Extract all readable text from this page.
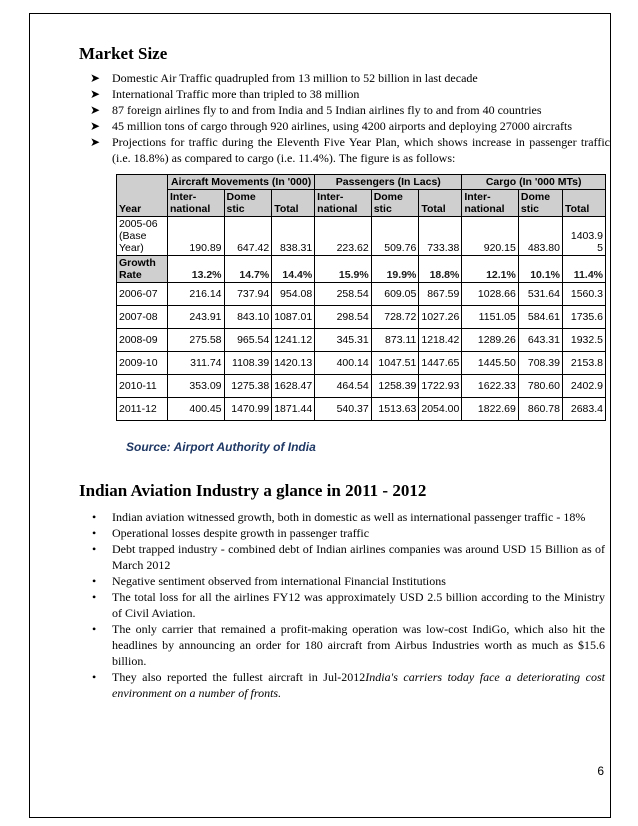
Market Size
➤ Domestic Air Traffic quadrupled from 13 million to 52 billion in last decade
➤ International Traffic more than tripled to 38 million
➤ 87 foreign airlines fly to and from India and 5 Indian airlines fly to and from 40 countries
➤ 45 million tons of cargo through 920 airlines, using 4200 airports and deploying 27000 aircrafts
➤ Projections for traffic during the Eleventh Five Year Plan, which shows increase in passenger traffic (i.e. 18.8%) as compared to cargo (i.e. 11.4%). The figure is as follows:
Year	Aircraft Movements (In '000)			Passengers (In Lacs)			Cargo (In '000 MTs)		
	Inter- national	Dome stic	Total	Inter- national	Dome stic	Total	Inter- national	Dome stic	Total
2005-06 (Base Year)	190.89	647.42	838.31	223.62	509.76	733.38	920.15	483.80	1403.9 5
Growth Rate	13.2%	14.7%	14.4%	15.9%	19.9%	18.8%	12.1%	10.1%	11.4%
2006-07	216.14	737.94	954.08	258.54	609.05	867.59	1028.66	531.64	1560.3
2007-08	243.91	843.10	1087.01	298.54	728.72	1027.26	1151.05	584.61	1735.6
2008-09	275.58	965.54	1241.12	345.31	873.11	1218.42	1289.26	643.31	1932.5
2009-10	311.74	1108.39	1420.13	400.14	1047.51	1447.65	1445.50	708.39	2153.8
2010-11	353.09	1275.38	1628.47	464.54	1258.39	1722.93	1622.33	780.60	2402.9
2011-12	400.45	1470.99	1871.44	540.37	1513.63	2054.00	1822.69	860.78	2683.4
Source: Airport Authority of India
Indian Aviation Industry a glance in 2011 - 2012
• Indian aviation witnessed growth, both in domestic as well as international passenger traffic - 18%
• Operational losses despite growth in passenger traffic
• Debt trapped industry - combined debt of Indian airlines companies was around USD 15 Billion as of March 2012
• Negative sentiment observed from international Financial Institutions
• The total loss for all the airlines FY12 was approximately USD 2.5 billion according to the Ministry of Civil Aviation.
• The only carrier that remained a profit-making operation was low-cost IndiGo, which also hit the headlines by announcing an order for 180 aircraft from Airbus Industries worth as much as $15.6 billion.
• They also reported the fullest aircraft in Jul-2012India's carriers today face a deteriorating cost environment on a number of fronts.
6
